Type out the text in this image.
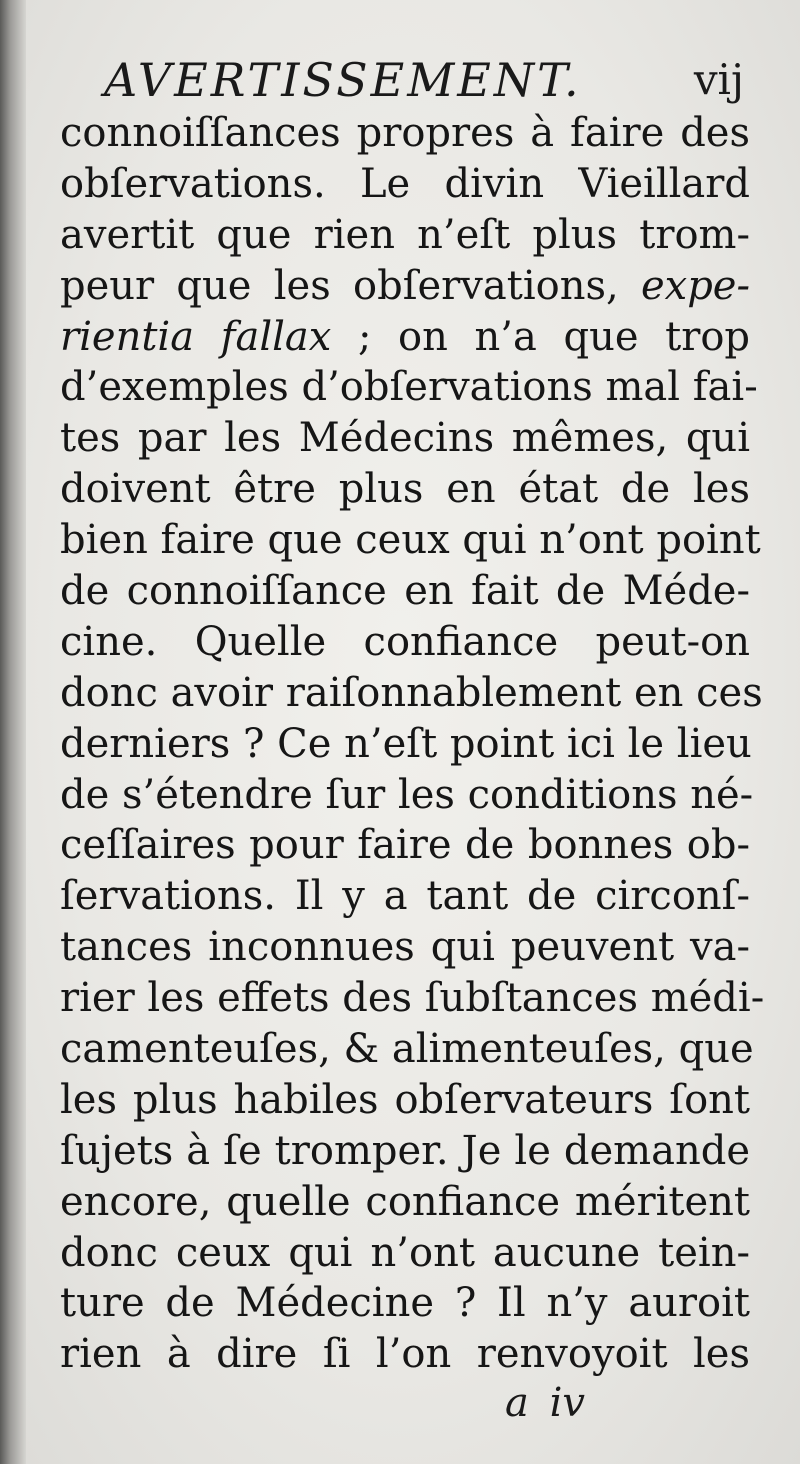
AVERTISSEMENT.	vij
connoiſſances propres à faire des
obſervations. Le divin Vieillard
avertit que rien n’eſt plus trom-
peur que les obſervations, expe-
rientia fallax ; on n’a que trop
d’exemples d’obſervations mal fai-
tes par les Médecins mêmes, qui
doivent être plus en état de les
bien faire que ceux qui n’ont point
de connoiſſance en fait de Méde-
cine. Quelle confiance peut-on
donc avoir raiſonnablement en ces
derniers ? Ce n’eſt point ici le lieu
de s’étendre ſur les conditions né-
ceſſaires pour faire de bonnes ob-
ſervations. Il y a tant de circonſ-
tances inconnues qui peuvent va-
rier les effets des ſubſtances médi-
camenteuſes, & alimenteuſes, que
les plus habiles obſervateurs ſont
ſujets à ſe tromper. Je le demande
encore, quelle confiance méritent
donc ceux qui n’ont aucune tein-
ture de Médecine ? Il n’y auroit
rien à dire ſi l’on renvoyoit les
a iv
